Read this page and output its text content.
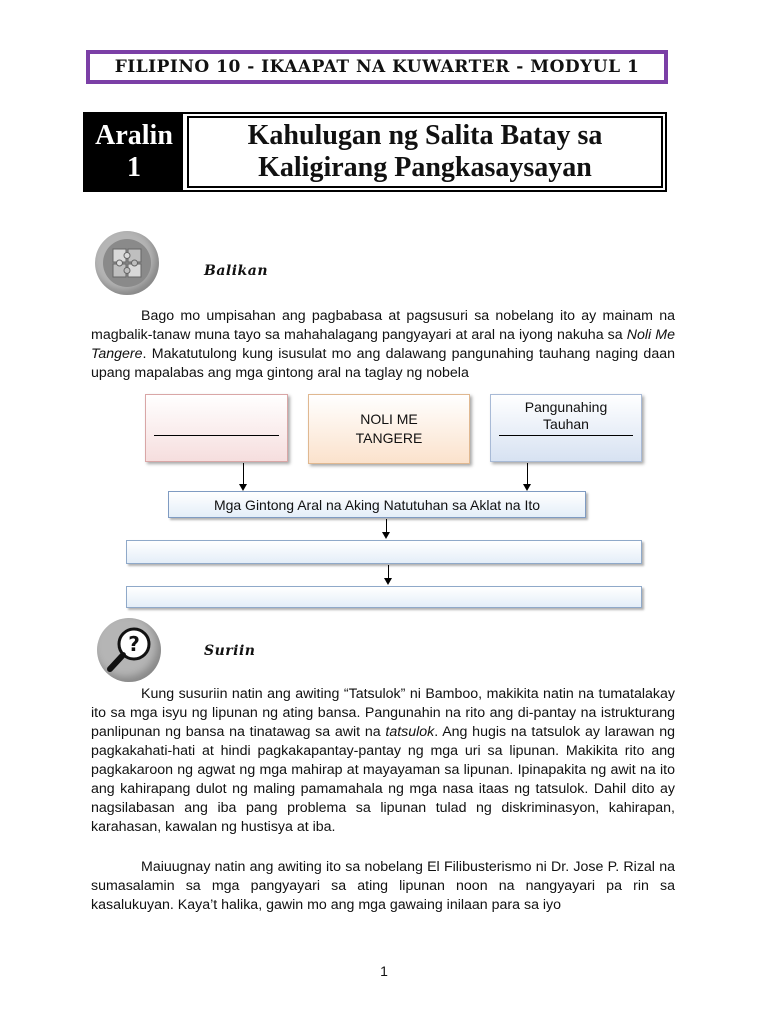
FILIPINO 10 - IKAAPAT NA KUWARTER - MODYUL 1
Aralin
1
Kahulugan ng Salita Batay sa
Kaligirang Pangkasaysayan
Balikan

Bago mo umpisahan ang pagbabasa at pagsusuri sa nobelang ito ay mainam na magbalik-tanaw muna tayo sa mahahalagang pangyayari at aral na iyong nakuha sa Noli Me Tangere. Makatutulong kung isusulat mo ang dalawang pangunahing tauhang naging daan upang mapalabas ang mga gintong aral na taglay ng nobela

NOLI ME
TANGERE
Pangunahing
Tauhan
Mga Gintong Aral na Aking Natutuhan sa Aklat na Ito
?	Suriin

Kung susuriin natin ang awiting “Tatsulok” ni Bamboo, makikita natin na tumatalakay ito sa mga isyu ng lipunan ng ating bansa. Pangunahin na rito ang di-pantay na istrukturang panlipunan ng bansa na tinatawag sa awit na tatsulok. Ang hugis na tatsulok ay larawan ng pagkakahati-hati at hindi pagkakapantay-pantay ng mga uri sa lipunan. Makikita rito ang pagkakaroon ng agwat ng mga mahirap at mayayaman sa lipunan. Ipinapakita ng awit na ito ang kahirapang dulot ng maling pamamahala ng mga nasa itaas ng tatsulok. Dahil dito ay nagsilabasan ang iba pang problema sa lipunan tulad ng diskriminasyon, kahirapan, karahasan, kawalan ng hustisya at iba.

Maiuugnay natin ang awiting ito sa nobelang El Filibusterismo ni Dr. Jose P. Rizal na sumasalamin sa mga pangyayari sa ating lipunan noon na nangyayari pa rin sa kasalukuyan. Kaya’t halika, gawin mo ang mga gawaing inilaan para sa iyo

1
